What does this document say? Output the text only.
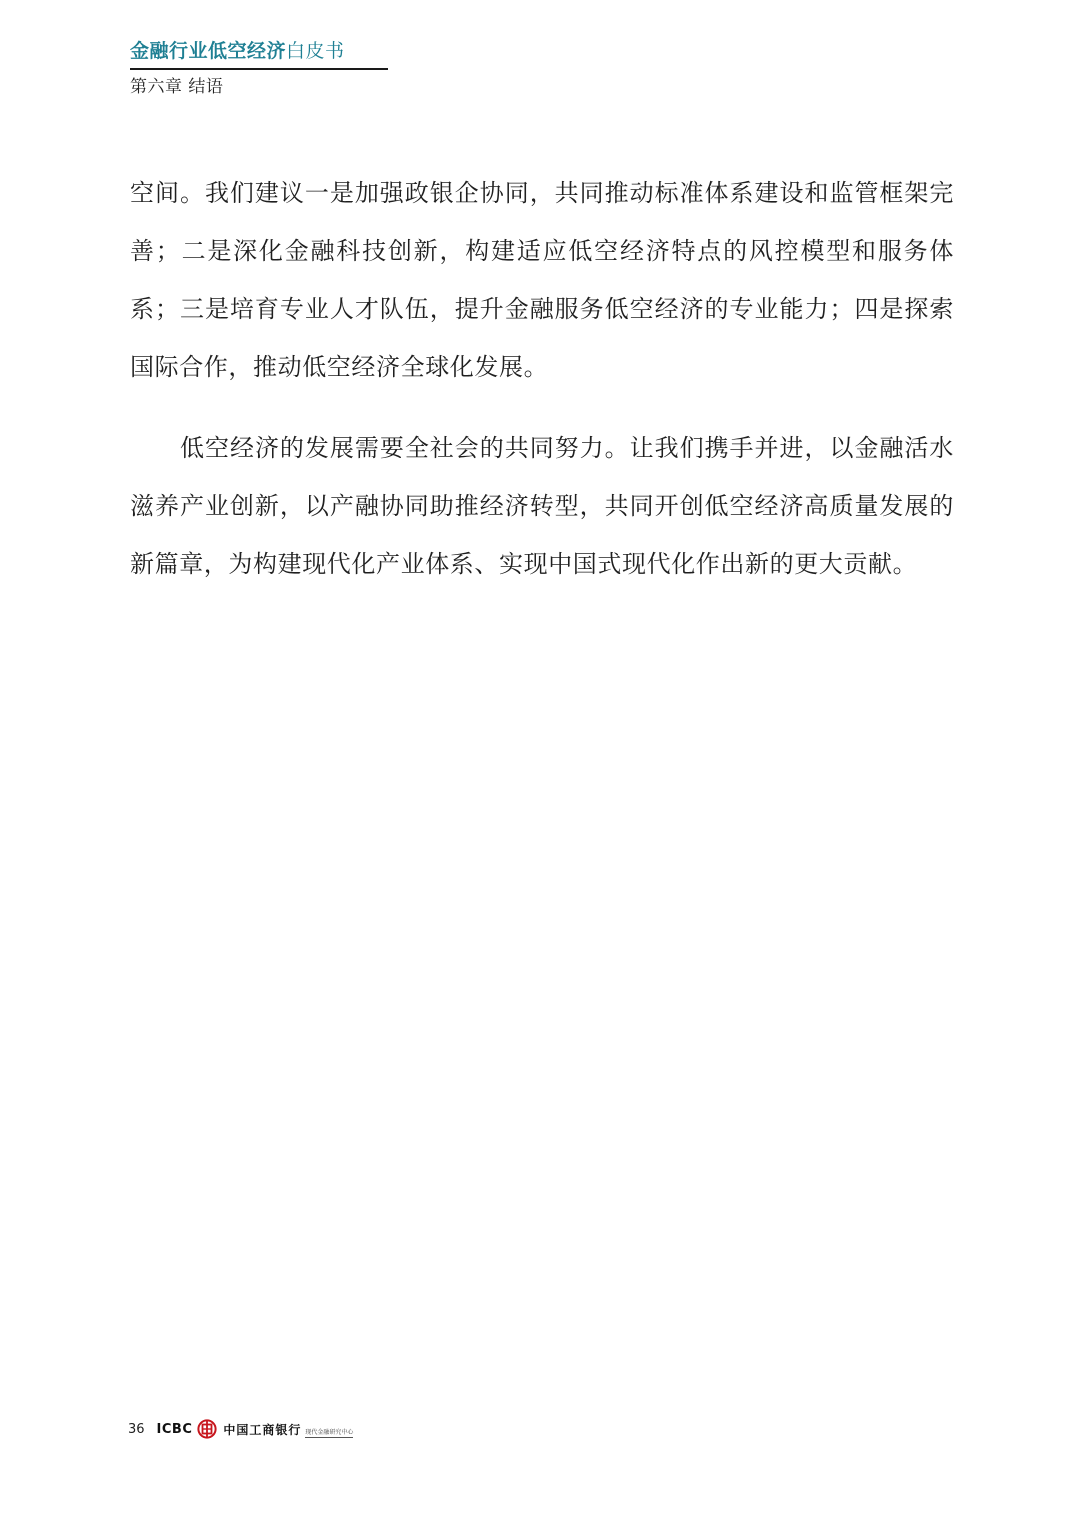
金融行业低空经济白皮书
第六章 结语

空间。我们建议一是加强政银企协同，共同推动标准体系建设和监管框架完善；二是深化金融科技创新，构建适应低空经济特点的风控模型和服务体系；三是培育专业人才队伍，提升金融服务低空经济的专业能力；四是探索国际合作，推动低空经济全球化发展。

低空经济的发展需要全社会的共同努力。让我们携手并进，以金融活水滋养产业创新，以产融协同助推经济转型，共同开创低空经济高质量发展的新篇章，为构建现代化产业体系、实现中国式现代化作出新的更大贡献。

36 ICBC	中国工商银行 现代金融研究中心
